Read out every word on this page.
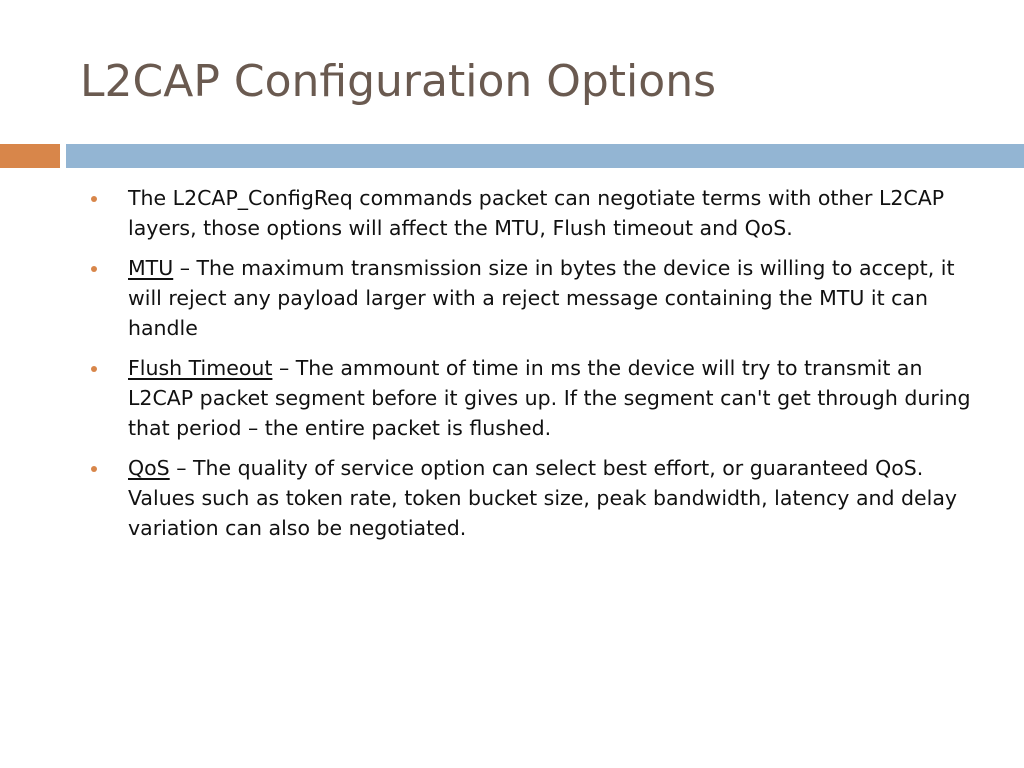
L2CAP Configuration Options
The L2CAP_ConfigReq commands packet can negotiate terms with other L2CAP layers, those options will affect the MTU, Flush timeout and QoS.
MTU – The maximum transmission size in bytes the device is willing to accept, it will reject any payload larger with a reject message containing the MTU it can handle
Flush Timeout – The ammount of time in ms the device will try to transmit an L2CAP packet segment before it gives up. If the segment can't get through during that period – the entire packet is flushed.
QoS – The quality of service option can select best effort, or guaranteed QoS. Values such as token rate, token bucket size, peak bandwidth, latency and delay variation can also be negotiated.
